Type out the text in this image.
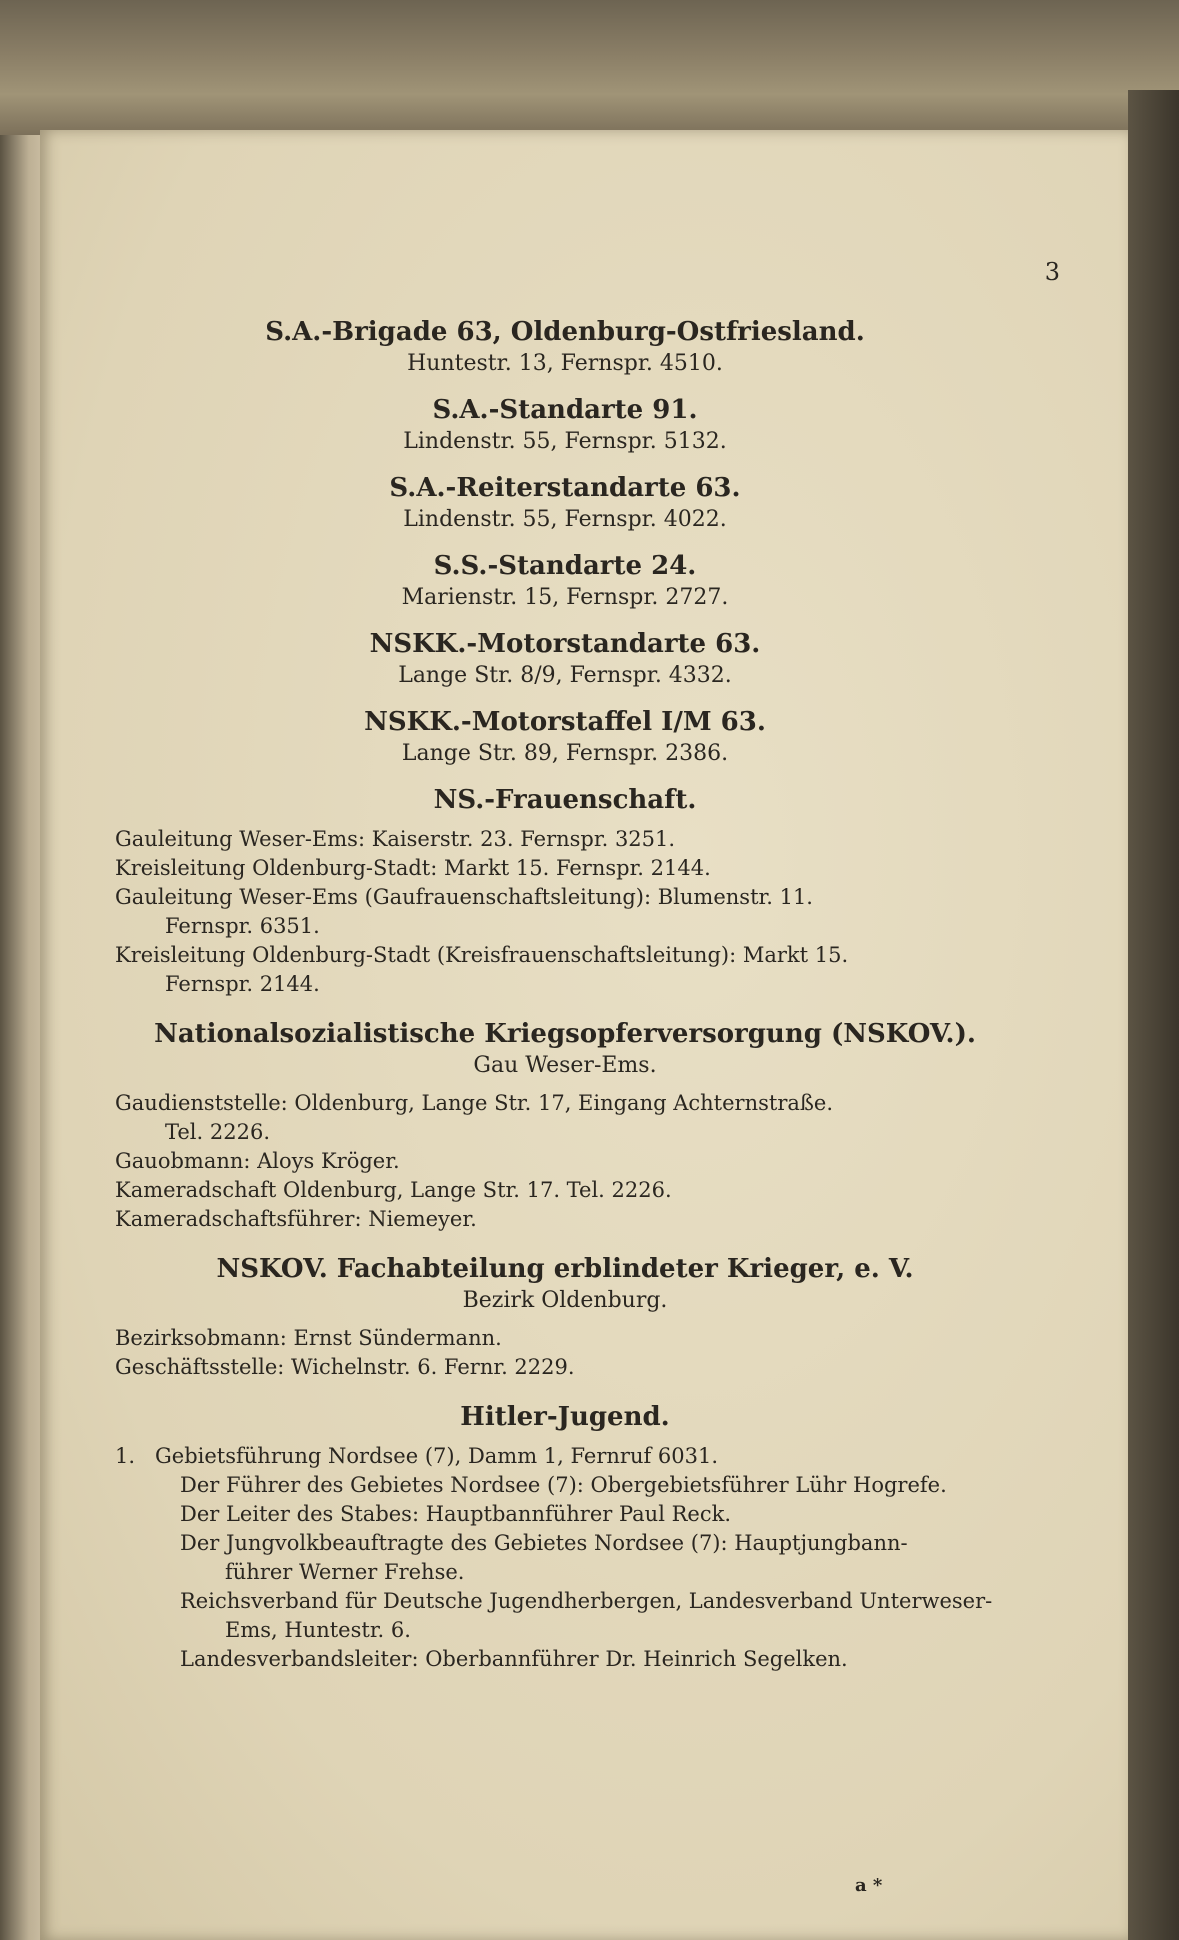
3

S.A.-Brigade 63, Oldenburg-Ostfriesland.

Huntestr. 13, Fernspr. 4510.

S.A.-Standarte 91.

Lindenstr. 55, Fernspr. 5132.

S.A.-Reiterstandarte 63.

Lindenstr. 55, Fernspr. 4022.

S.S.-Standarte 24.

Marienstr. 15, Fernspr. 2727.

NSKK.-Motorstandarte 63.

Lange Str. 8/9, Fernspr. 4332.

NSKK.-Motorstaffel I/M 63.

Lange Str. 89, Fernspr. 2386.

NS.-Frauenschaft.

Gauleitung Weser-Ems: Kaiserstr. 23. Fernspr. 3251.

Kreisleitung Oldenburg-Stadt: Markt 15. Fernspr. 2144.

Gauleitung Weser-Ems (Gaufrauenschaftsleitung): Blumenstr. 11.

Fernspr. 6351.

Kreisleitung Oldenburg-Stadt (Kreisfrauenschaftsleitung): Markt 15.

Fernspr. 2144.

Nationalsozialistische Kriegsopferversorgung (NSKOV.).

Gau Weser-Ems.

Gaudienststelle: Oldenburg, Lange Str. 17, Eingang Achternstraße.

Tel. 2226.

Gauobmann: Aloys Kröger.

Kameradschaft Oldenburg, Lange Str. 17. Tel. 2226.

Kameradschaftsführer: Niemeyer.

NSKOV. Fachabteilung erblindeter Krieger, e. V.

Bezirk Oldenburg.

Bezirksobmann: Ernst Sündermann.

Geschäftsstelle: Wichelnstr. 6. Fernr. 2229.

Hitler-Jugend.

1. Gebietsführung Nordsee (7), Damm 1, Fernruf 6031.

Der Führer des Gebietes Nordsee (7): Obergebietsführer Lühr Hogrefe.

Der Leiter des Stabes: Hauptbannführer Paul Reck.

Der Jungvolkbeauftragte des Gebietes Nordsee (7): Hauptjungbann-

führer Werner Frehse.

Reichsverband für Deutsche Jugendherbergen, Landesverband Unterweser-

Ems, Huntestr. 6.

Landesverbandsleiter: Oberbannführer Dr. Heinrich Segelken.

a *
